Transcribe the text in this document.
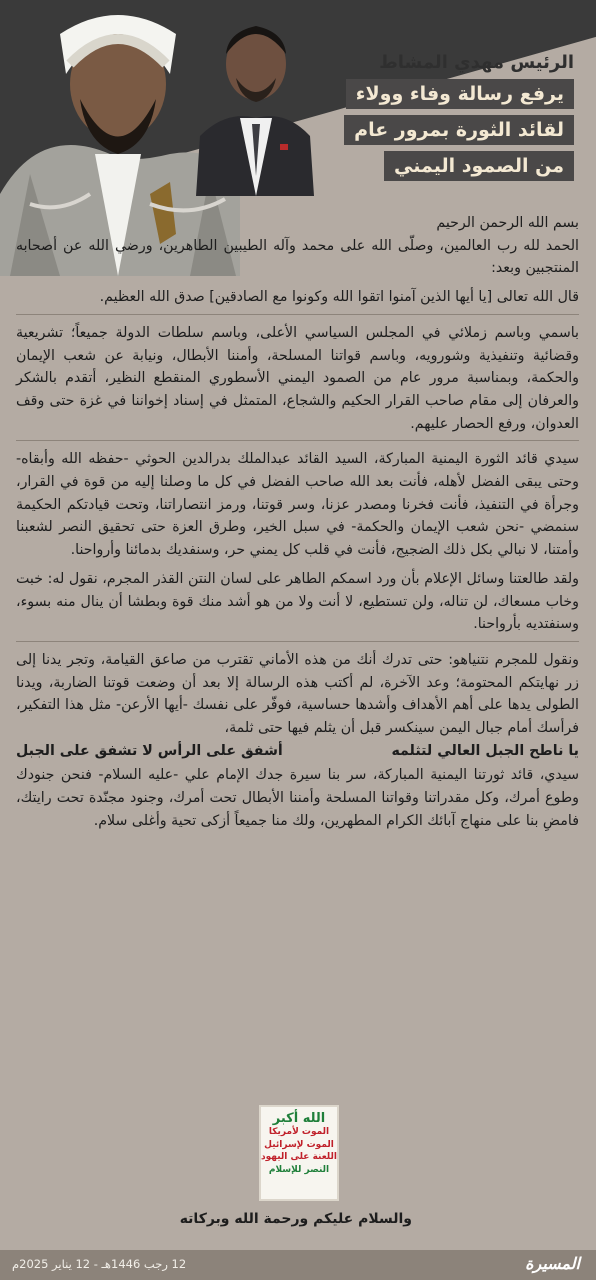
الرئيس مهدي المشاط
يرفع رسالة وفاء وولاء
لقائد الثورة بمرور عام
من الصمود اليمني

بسم الله الرحمن الرحيم

الحمد لله رب العالمين، وصلّى الله على محمد وآله الطيبين الطاهرين، ورضي الله عن أصحابه المنتجبين وبعد:

قال الله تعالى [يا أيها الذين آمنوا اتقوا الله وكونوا مع الصادقين] صدق الله العظيم.

باسمي وباسم زملائي في المجلس السياسي الأعلى، وباسم سلطات الدولة جميعاً؛ تشريعية وقضائية وتنفيذية وشورويه، وباسم قواتنا المسلحة، وأمننا الأبطال، ونيابة عن شعب الإيمان والحكمة، وبمناسبة مرور عام من الصمود اليمني الأسطوري المنقطع النظير، أتقدم بالشكر والعرفان إلى مقام صاحب القرار الحكيم والشجاع، المتمثل في إسناد إخواننا في غزة حتى وقف العدوان، ورفع الحصار عليهم.

سيدي قائد الثورة اليمنية المباركة، السيد القائد عبدالملك بدرالدين الحوثي -حفظه الله وأبقاه- وحتى يبقى الفضل لأهله، فأنت بعد الله صاحب الفضل في كل ما وصلنا إليه من قوة في القرار، وجرأة في التنفيذ، فأنت فخرنا ومصدر عزنا، وسر قوتنا، ورمز انتصاراتنا، وتحت قيادتكم الحكيمة سنمضي -نحن شعب الإيمان والحكمة- في سبل الخير، وطرق العزة حتى تحقيق النصر لشعبنا وأمتنا، لا نبالي بكل ذلك الضجيج، فأنت في قلب كل يمني حر، وسنفديك بدمائنا وأرواحنا.

ولقد طالعتنا وسائل الإعلام بأن ورد اسمكم الطاهر على لسان النتن القذر المجرم، نقول له: خبت وخاب مسعاك، لن تناله، ولن تستطيع، لا أنت ولا من هو أشد منك قوة وبطشا أن ينال منه بسوء، وسنفتديه بأرواحنا.

ونقول للمجرم نتنياهو: حتى تدرك أنك من هذه الأماني تقترب من صاعق القيامة، وتجر يدنا إلى زر نهايتكم المحتومة؛ وعد الآخرة، لم أكتب هذه الرسالة إلا بعد أن وضعت قوتنا الضاربة، ويدنا الطولى يدها على أهم الأهداف وأشدها حساسية، فوفّر على نفسك -أيها الأرعن- مثل هذا التفكير، فرأسك أمام جبال اليمن سينكسر قبل أن يثلم فيها حتى ثلمة،

يا ناطح الجبل العالي لتثلمه
أشفق على الرأس لا تشفق على الجبل

سيدي، قائد ثورتنا اليمنية المباركة، سر بنا سيرة جدك الإمام علي -عليه السلام- فنحن جنودك وطوع أمرك، وكل مقدراتنا وقواتنا المسلحة وأمننا الأبطال تحت أمرك، وجنود مجنّدة تحت رايتك، فامضِ بنا على منهاج آبائك الكرام المطهرين، ولك منا جميعاً أزكى تحية وأغلى سلام.

الله أكبر
الموت لأمريكا
الموت لإسرائيل
اللعنة على اليهود
النصر للإسلام
والسلام عليكم ورحمة الله وبركاته
المسيرة
12 رجب 1446هـ - 12 يناير 2025م
